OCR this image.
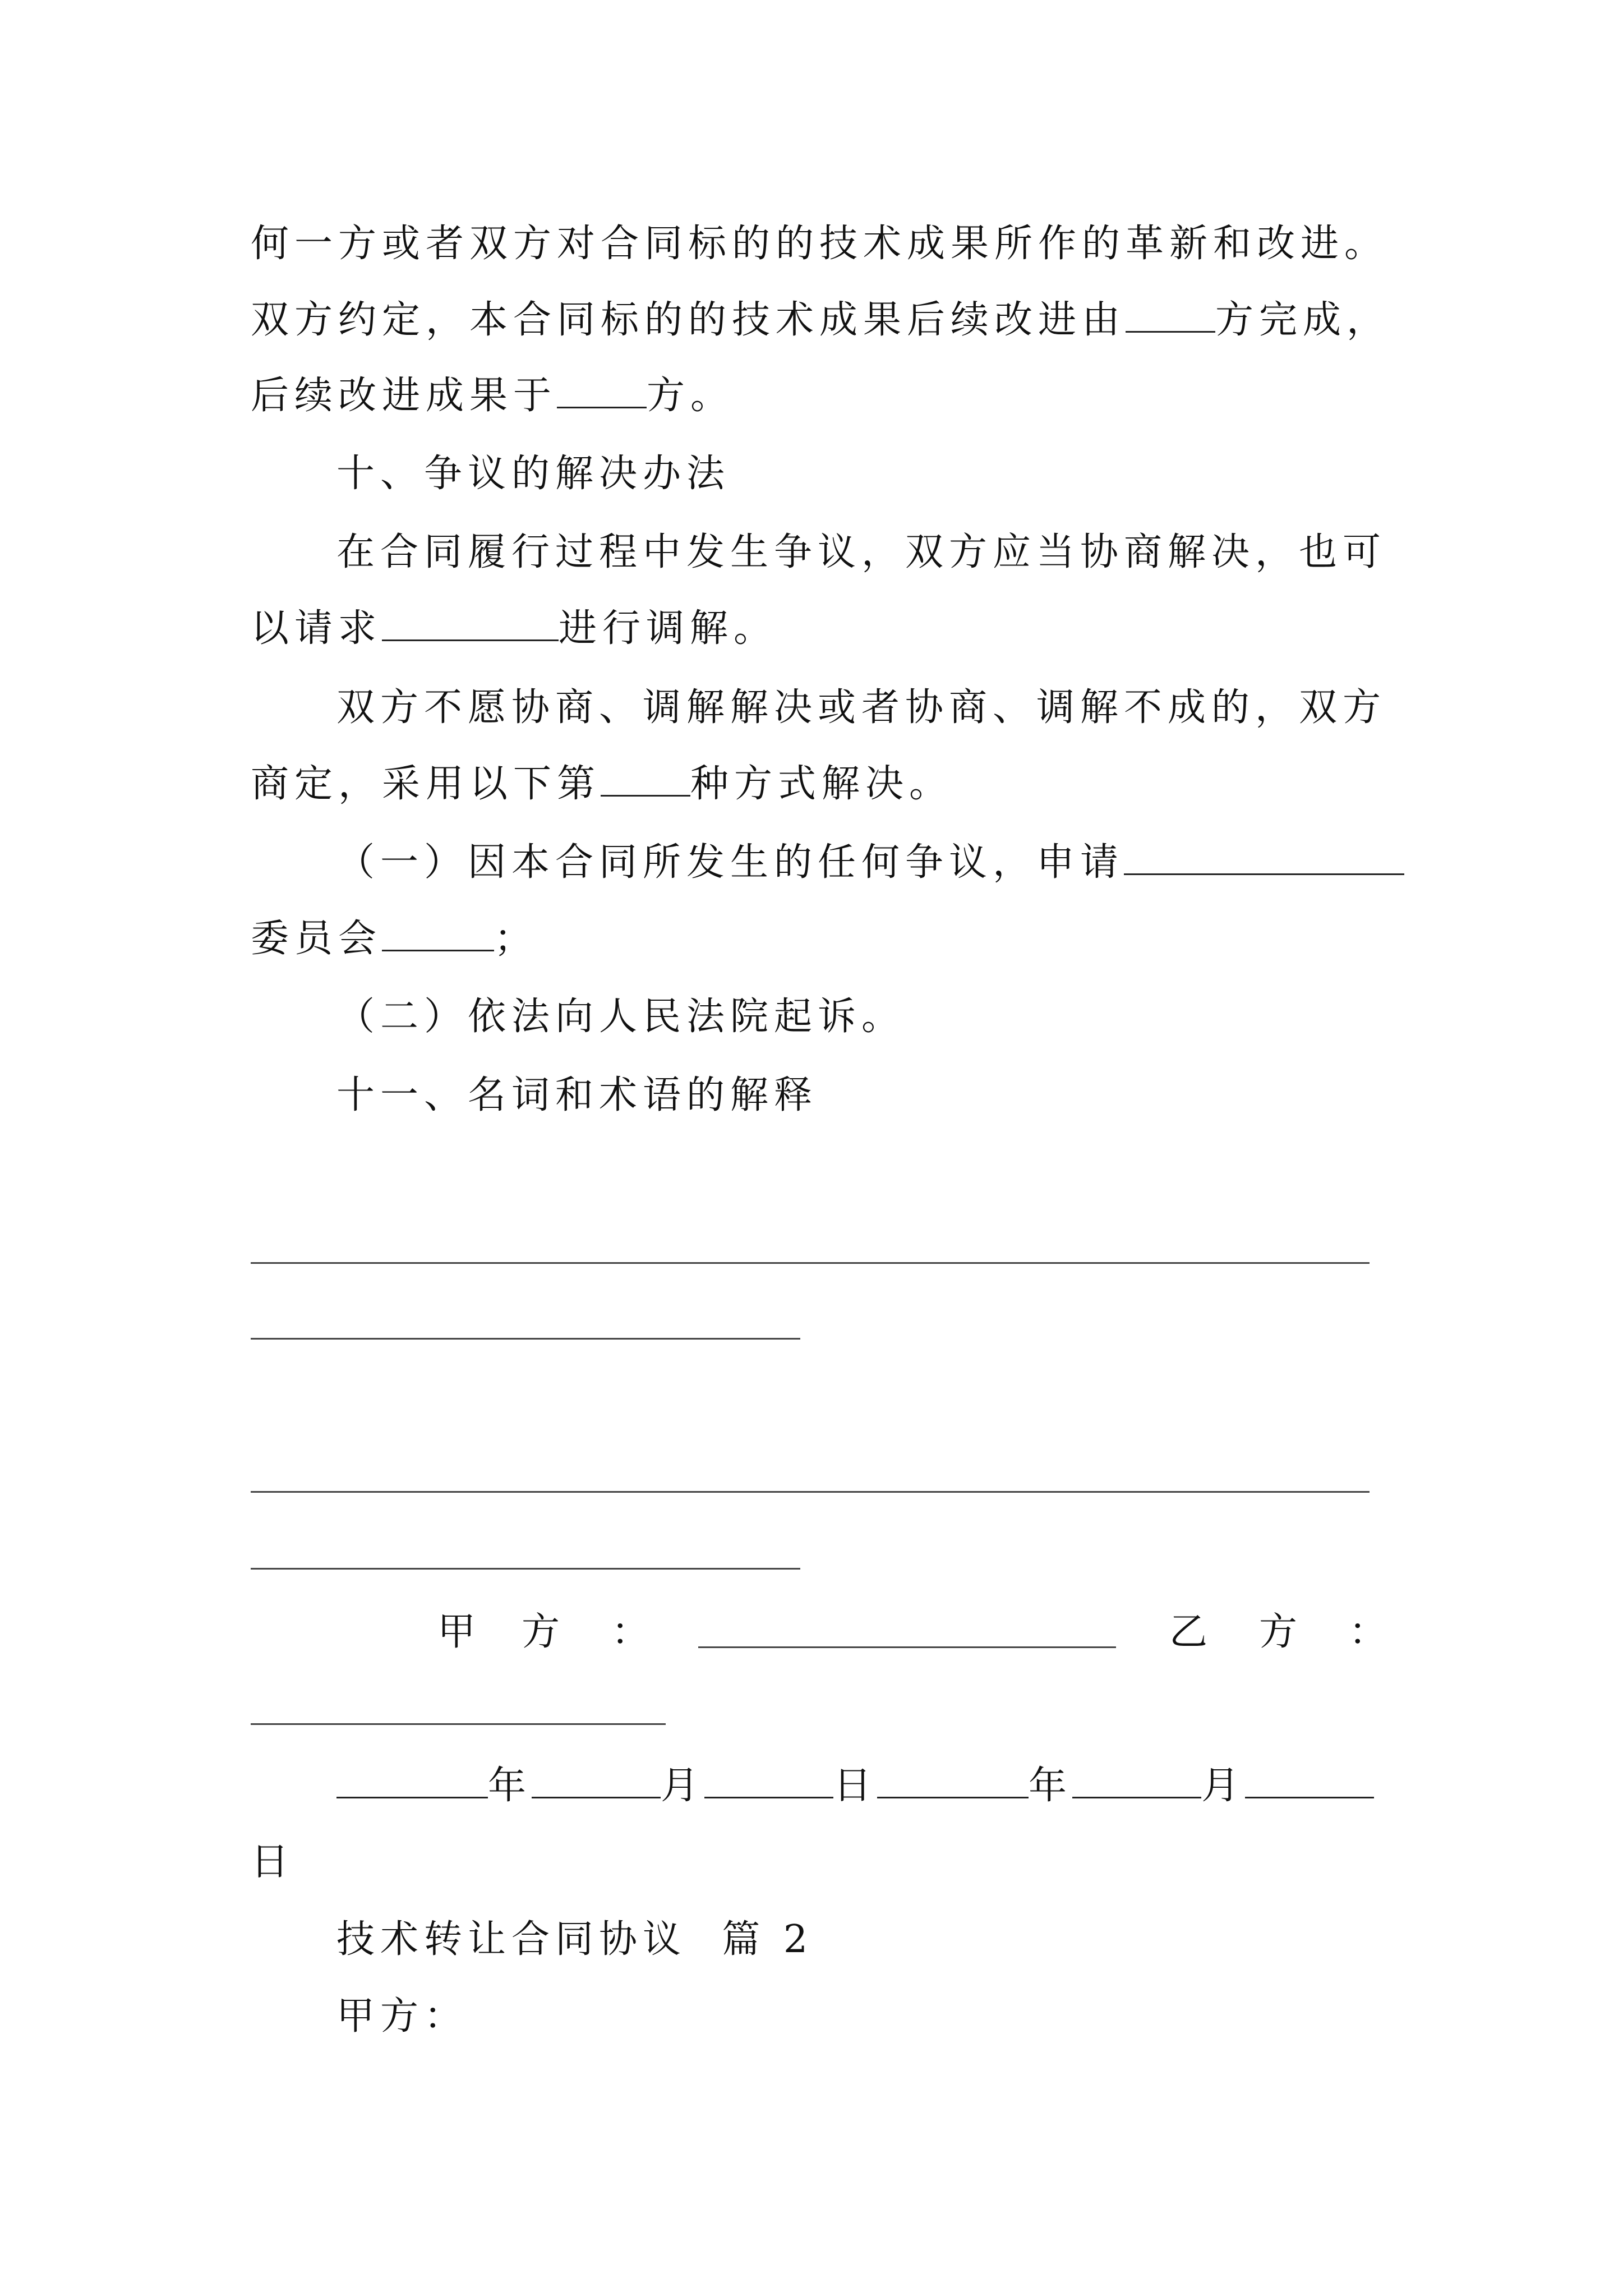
何一方或者双方对合同标的的技术成果所作的革新和改进。
双方约定，本合同标的的技术成果后续改进由 方完成，
后续改进成果于 方。
十、争议的解决办法
在合同履行过程中发生争议，双方应当协商解决，也可
以请求	进行调解。
双方不愿协商、调解解决或者协商、调解不成的，双方
商定，采用以下第 种方式解决。
（一）因本合同所发生的任何争议，申请
委员会	；
（二）依法向人民法院起诉。
十一、名词和术语的解释
甲 方 ：	乙 方 ：
年	月	日	年	月
日
技术转让合同协议  篇 2
甲方：
